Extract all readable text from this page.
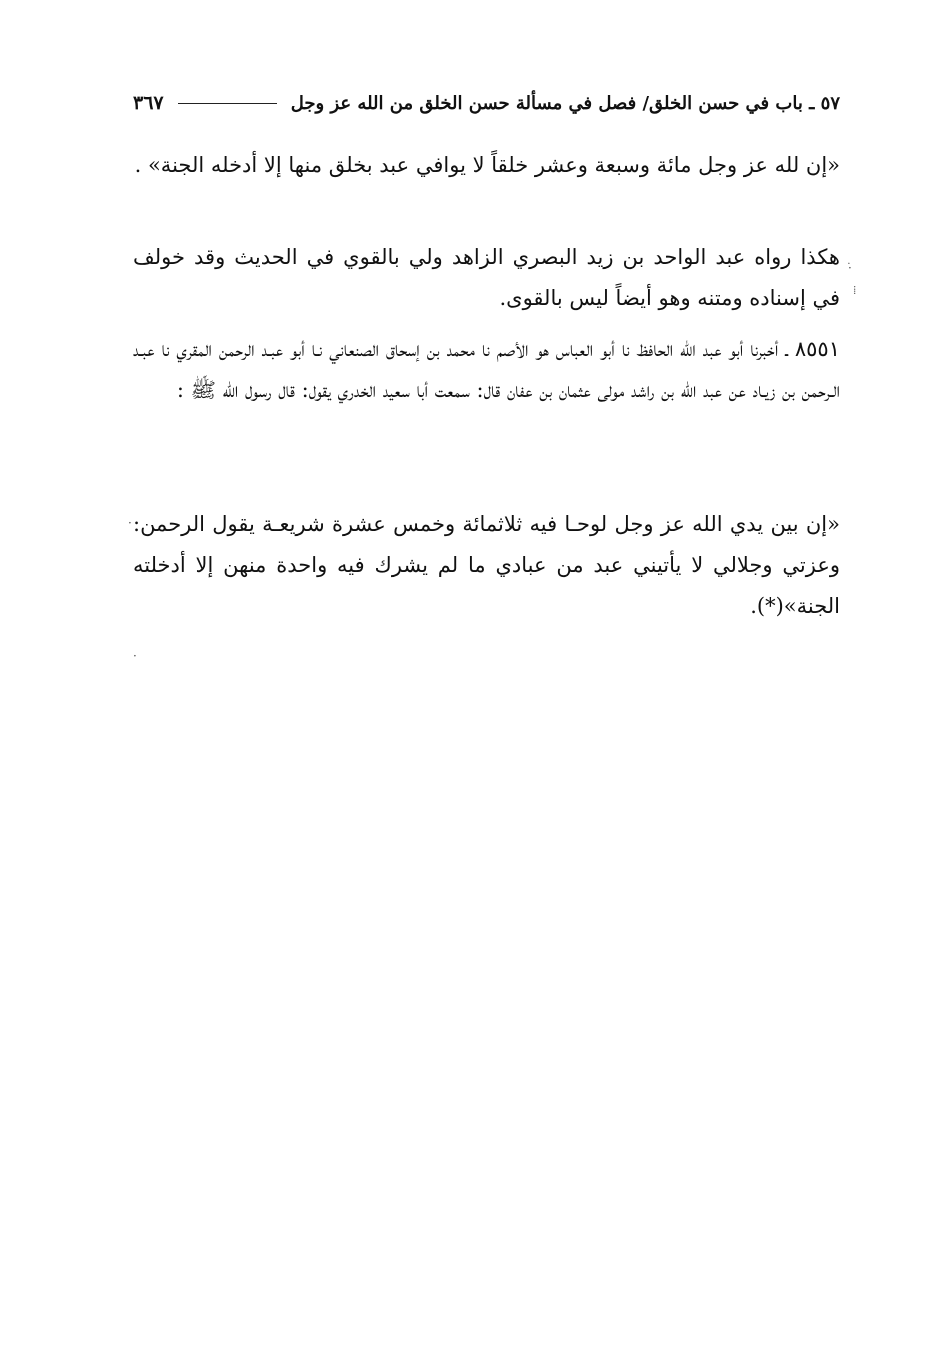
٥٧ ـ باب في حسن الخلق/ فصل في مسألة حسن الخلق من الله عز وجل
٣٦٧

«إن لله عز وجل مائة وسبعة وعشر خلقاً لا يوافي عبد بخلق منها إلا أدخله الجنة» .

هكذا رواه عبد الواحد بن زيد البصري الزاهد ولي بالقوي في الحديث وقد خولف في إسناده ومتنه وهو أيضاً ليس بالقوى.

٨٥٥١ ـ أخبرنا أبو عبد الله الحافظ نا أبو العباس هو الأصم نا محمد بن إسحاق الصنعاني نـا أبو عبـد الرحمن المقري نا عبـد الـرحمن بن زيـاد عن عبد الله بن راشد مولى عثمان بن عفان قال: سمعت أبا سعيد الخدري يقول: قال رسول الله ﷺ :

«إن بين يدي الله عز وجل لوحـا فيه ثلاثمائة وخمس عشرة شريعـة يقول الرحمن: وعزتي وجلالي لا يأتيني عبد من عبادي ما لم يشرك فيه واحدة منهن إلا أدخلته الجنة»(*).

·̇
⁞
·
·
